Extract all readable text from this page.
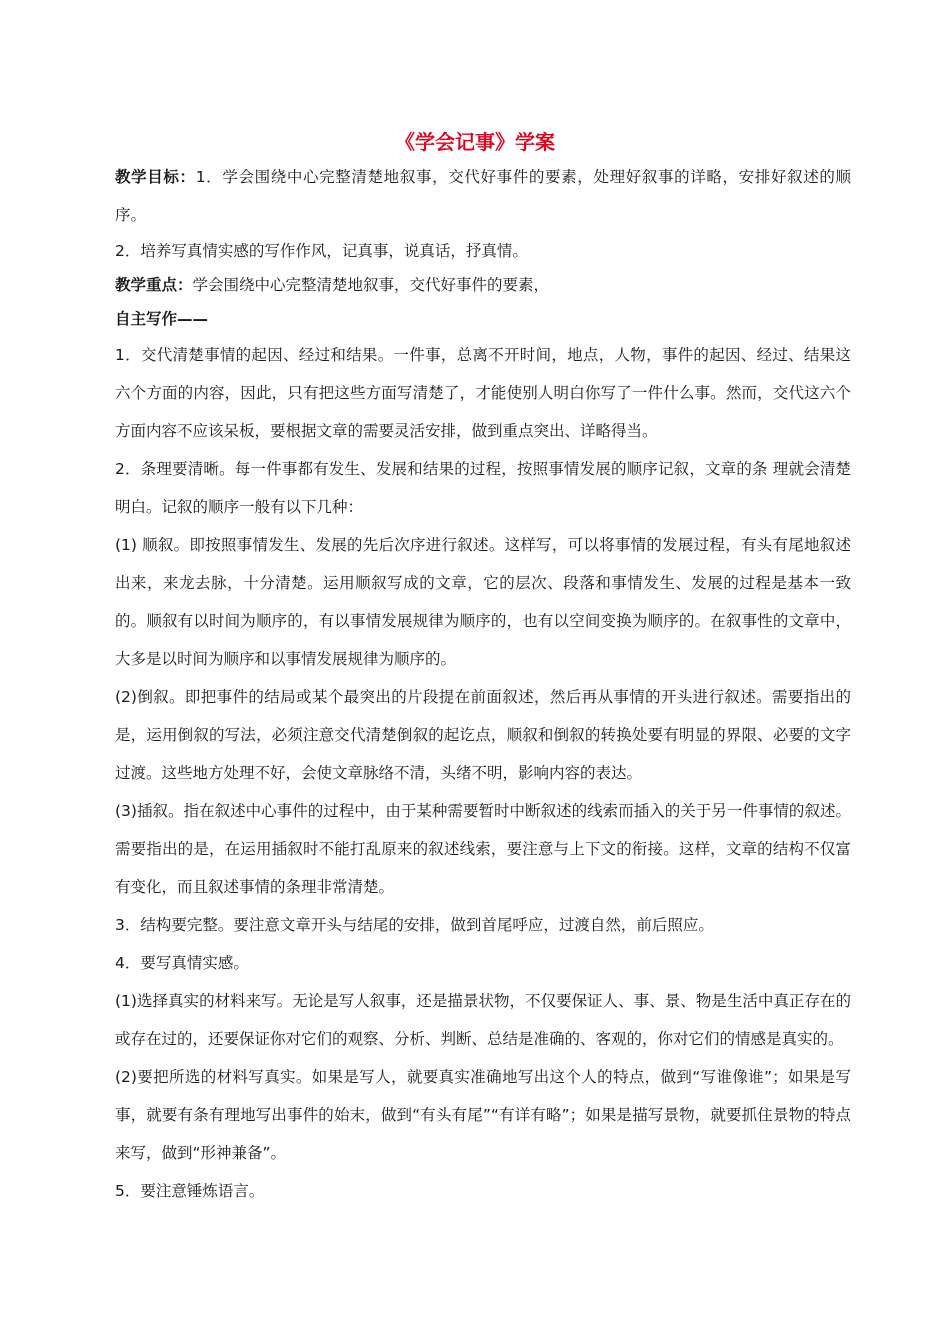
《学会记事》学案

教学目标：1．学会围绕中心完整清楚地叙事，交代好事件的要素，处理好叙事的详略，安排好叙述的顺序。

2．培养写真情实感的写作作风，记真事，说真话，抒真情。

教学重点：学会围绕中心完整清楚地叙事，交代好事件的要素，

自主写作——

1．交代清楚事情的起因、经过和结果。一件事，总离不开时间，地点，人物，事件的起因、经过、结果这六个方面的内容，因此，只有把这些方面写清楚了，才能使别人明白你写了一件什么事。然而，交代这六个方面内容不应该呆板，要根据文章的需要灵活安排，做到重点突出、详略得当。

2．条理要清晰。每一件事都有发生、发展和结果的过程，按照事情发展的顺序记叙，文章的条 理就会清楚明白。记叙的顺序一般有以下几种：

(1) 顺叙。即按照事情发生、发展的先后次序进行叙述。这样写，可以将事情的发展过程，有头有尾地叙述出来，来龙去脉，十分清楚。运用顺叙写成的文章，它的层次、段落和事情发生、发展的过程是基本一致的。顺叙有以时间为顺序的，有以事情发展规律为顺序的，也有以空间变换为顺序的。在叙事性的文章中，大多是以时间为顺序和以事情发展规律为顺序的。

(2)倒叙。即把事件的结局或某个最突出的片段提在前面叙述，然后再从事情的开头进行叙述。需要指出的是，运用倒叙的写法，必须注意交代清楚倒叙的起讫点，顺叙和倒叙的转换处要有明显的界限、必要的文字过渡。这些地方处理不好，会使文章脉络不清，头绪不明，影响内容的表达。

(3)插叙。指在叙述中心事件的过程中，由于某种需要暂时中断叙述的线索而插入的关于另一件事情的叙述。需要指出的是，在运用插叙时不能打乱原来的叙述线索，要注意与上下文的衔接。这样，文章的结构不仅富有变化，而且叙述事情的条理非常清楚。

3．结构要完整。要注意文章开头与结尾的安排，做到首尾呼应，过渡自然，前后照应。

4．要写真情实感。

(1)选择真实的材料来写。无论是写人叙事，还是描景状物，不仅要保证人、事、景、物是生活中真正存在的或存在过的，还要保证你对它们的观察、分析、判断、总结是准确的、客观的，你对它们的情感是真实的。

(2)要把所选的材料写真实。如果是写人，就要真实准确地写出这个人的特点，做到“写谁像谁”；如果是写事，就要有条有理地写出事件的始末，做到“有头有尾”“有详有略”；如果是描写景物，就要抓住景物的特点来写，做到“形神兼备”。

5．要注意锤炼语言。
